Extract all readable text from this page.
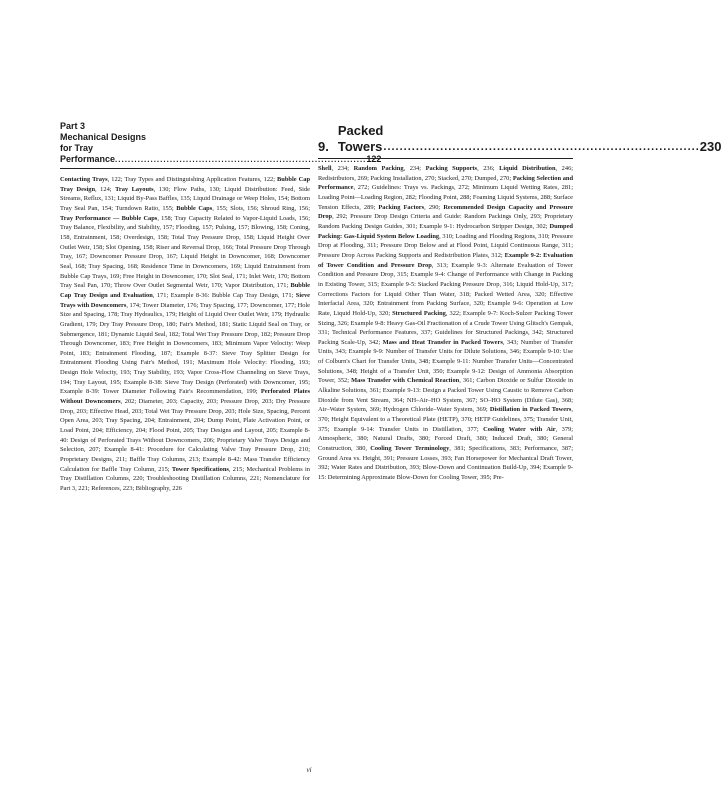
Part 3
Mechanical Designs
for Tray Performance .............................................................................. 122
Contacting Trays, 122; Tray Types and Distinguishing Application Features, 122; Bubble Cap Tray Design, 124; Tray Layouts, 130; Flow Paths, 130; Liquid Distribution: Feed, Side Streams, Reflux, 131; Liquid By-Pass Baffles, 135; Liquid Drainage or Weep Holes, 154; Bottom Tray Seal Pan, 154; Turndown Ratio, 155; Bubble Caps, 155; Slots, 156; Shroud Ring, 156; Tray Performance — Bubble Caps, 158; Tray Capacity Related to Vapor-Liquid Loads, 156; Tray Balance, Flexibility, and Stability, 157; Flooding, 157; Pulsing, 157; Blowing, 158; Coning, 158, Entrainment, 158; Overdesign, 158; Total Tray Pressure Drop, 158; Liquid Height Over Outlet Weir, 158; Slot Opening, 158; Riser and Reversal Drop, 166; Total Pressure Drop Through Tray, 167; Downcomer Pressure Drop, 167; Liquid Height in Downcomer, 168; Downcomer Seal, 168; Tray Spacing, 168; Residence Time in Downcomers, 169; Liquid Entrainment from Bubble Cap Trays, 169; Free Height in Downcomer, 170; Slot Seal, 171; Inlet Weir, 170; Bottom Tray Seal Pan, 170; Throw Over Outlet Segmental Weir, 170; Vapor Distribution, 171; Bubble Cap Tray Design and Evaluation, 171; Example 8-36: Bubble Cap Tray Design, 171; Sieve Trays with Downcomers, 174; Tower Diameter, 176; Tray Spacing, 177; Downcomer, 177; Hole Size and Spacing, 178; Tray Hydraulics, 179; Height of Liquid Over Outlet Weir, 179; Hydraulic Gradient, 179; Dry Tray Pressure Drop, 180; Fair's Method, 181; Static Liquid Seal on Tray, or Submergence, 181; Dynamic Liquid Seal, 182; Total Wet Tray Pressure Drop, 182; Pressure Drop Through Downcomer, 183; Free Height in Downcomers, 183; Minimum Vapor Velocity: Weep Point, 183; Entrainment Flooding, 187; Example 8-37: Sieve Tray Splitter Design for Entrainment Flooding Using Fair's Method, 191; Maximum Hole Velocity: Flooding, 193; Design Hole Velocity, 193; Tray Stability, 193; Vapor Cross-Flow Channeling on Sieve Trays, 194; Tray Layout, 195; Example 8-38: Sieve Tray Design (Perforated) with Downcomer, 195; Example 8-39: Tower Diameter Following Fair's Recommendation, 199; Perforated Plates Without Downcomers, 202; Diameter, 203; Capacity, 203; Pressure Drop, 203; Dry Pressure Drop, 203; Effective Head, 203; Total Wet Tray Pressure Drop, 203; Hole Size, Spacing, Percent Open Area, 203; Tray Spacing, 204; Entrainment, 204; Dump Point, Plate Activation Point, or Load Point, 204; Efficiency, 204; Flood Point, 205; Tray Designs and Layout, 205; Example 8-40: Design of Perforated Trays Without Downcomers, 206; Proprietary Valve Trays Design and Selection, 207; Example 8-41: Procedure for Calculating Valve Tray Pressure Drop, 210; Proprietary Designs, 211; Baffle Tray Columns, 213; Example 8-42: Mass Transfer Efficiency Calculation for Baffle Tray Column, 215; Tower Specifications, 215; Mechanical Problems in Tray Distillation Columns, 220; Troubleshooting Distillation Columns, 221; Nomenclature for Part 3, 221; References, 223; Bibliography, 226
9.
Packed Towers .............................................................................. 230
Shell, 234; Random Packing, 234; Packing Supports, 236; Liquid Distribution, 246; Redistributors, 269; Packing Installation, 270; Stacked, 270; Dumped, 270; Packing Selection and Performance, 272; Guidelines: Trays vs. Packings, 272; Minimum Liquid Wetting Rates, 281; Loading Point—Loading Region, 282; Flooding Point, 288; Foaming Liquid Systems, 288; Surface Tension Effects, 289; Packing Factors, 290; Recommended Design Capacity and Pressure Drop, 292; Pressure Drop Design Criteria and Guide: Random Packings Only, 293; Proprietary Random Packing Design Guides, 301; Example 9-1: Hydrocarbon Stripper Design, 302; Dumped Packing: Gas-Liquid System Below Loading, 310; Loading and Flooding Regions, 310; Pressure Drop at Flooding, 311; Pressure Drop Below and at Flood Point, Liquid Continuous Range, 311; Pressure Drop Across Packing Supports and Redistribution Plates, 312; Example 9-2: Evaluation of Tower Condition and Pressure Drop, 313; Example 9-3: Alternate Evaluation of Tower Condition and Pressure Drop, 315; Example 9-4: Change of Performance with Change in Packing in Existing Tower, 315; Example 9-5: Stacked Packing Pressure Drop, 316; Liquid Hold-Up, 317; Corrections Factors for Liquid Other Than Water, 318; Packed Wetted Area, 320; Effective Interfacial Area, 320; Entrainment from Packing Surface, 320; Example 9-6: Operation at Low Rate, Liquid Hold-Up, 320; Structured Packing, 322; Example 9-7: Koch-Sulzer Packing Tower Sizing, 326; Example 9-8: Heavy Gas-Oil Fractionation of a Crude Tower Using Glitsch's Gempak, 331; Technical Performance Features, 337; Guidelines for Structured Packings, 342; Structured Packing Scale-Up, 342; Mass and Heat Transfer in Packed Towers, 343; Number of Transfer Units, 343; Example 9-9: Number of Transfer Units for Dilute Solutions, 346; Example 9-10: Use of Colburn's Chart for Transfer Units, 348; Example 9-11: Number Transfer Units—Concentrated Solutions, 348; Height of a Transfer Unit, 350; Example 9-12: Design of Ammonia Absorption Tower, 352; Mass Transfer with Chemical Reaction, 361; Carbon Dioxide or Sulfur Dioxide in Alkaline Solutions, 361; Example 9-13: Design a Packed Tower Using Caustic to Remove Carbon Dioxide from Vent Stream, 364; NH–Air–HO System, 367; SO–HO System (Dilute Gas), 368; Air–Water System, 369; Hydrogen Chloride–Water System, 369; Distillation in Packed Towers, 370; Height Equivalent to a Theoretical Plate (HETP), 370; HETP Guidelines, 375; Transfer Unit, 375; Example 9-14: Transfer Units in Distillation, 377; Cooling Water with Air, 379; Atmospheric, 380; Natural Drafts, 380; Forced Draft, 380; Induced Draft, 380; General Construction, 380, Cooling Tower Terminology, 381; Specifications, 383; Performance, 387; Ground Area vs. Height, 391; Pressure Losses, 393; Fan Horsepower for Mechanical Draft Tower, 392; Water Rates and Distribution, 393; Blow-Down and Continuation Build-Up, 394; Example 9-15: Determining Approximate Blow-Down for Cooling Tower, 395; Pre-
vi
